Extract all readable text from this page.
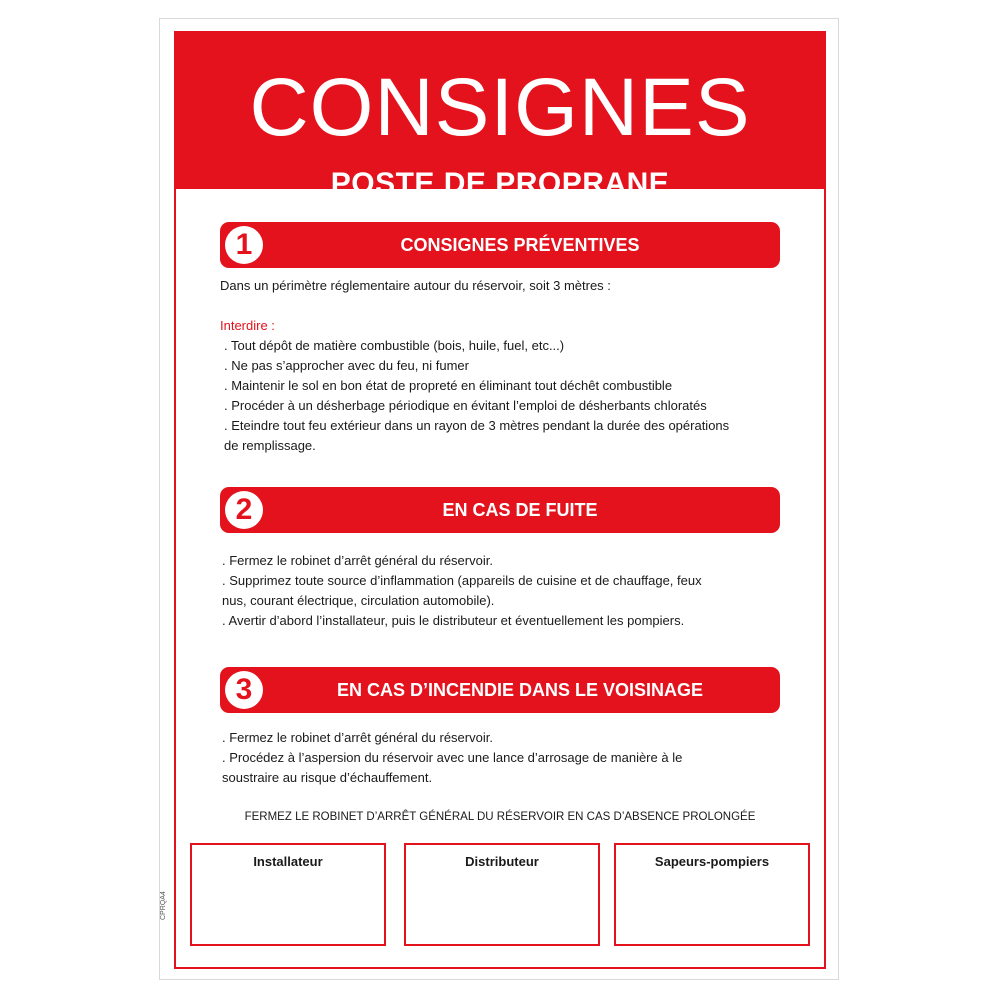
CONSIGNES
POSTE DE PROPRANE
1	CONSIGNES PRÉVENTIVES
Dans un périmètre réglementaire autour du réservoir, soit 3 mètres :
Interdire :
. Tout dépôt de matière combustible (bois, huile, fuel, etc...)
. Ne pas s’approcher avec du feu, ni fumer
. Maintenir le sol en bon état de propreté en éliminant tout déchêt combustible
. Procéder à un désherbage périodique en évitant l’emploi de désherbants chloratés
. Eteindre tout feu extérieur dans un rayon de 3 mètres pendant la durée des opérations
de remplissage.
2	EN CAS DE FUITE
. Fermez le robinet d’arrêt général du réservoir.
. Supprimez toute source d’inflammation (appareils de cuisine et de chauffage, feux
nus, courant électrique, circulation automobile).
. Avertir d’abord l’installateur, puis le distributeur et éventuellement les pompiers.
3	EN CAS D’INCENDIE DANS LE VOISINAGE
. Fermez le robinet d’arrêt général du réservoir.
. Procédez à l’aspersion du réservoir avec une lance d’arrosage de manière à le
soustraire au risque d’échauffement.
FERMEZ LE ROBINET D’ARRÊT GÉNÉRAL DU RÉSERVOIR EN CAS D’ABSENCE PROLONGÉE
Installateur	Distributeur	Sapeurs-pompiers
CPRQA4
